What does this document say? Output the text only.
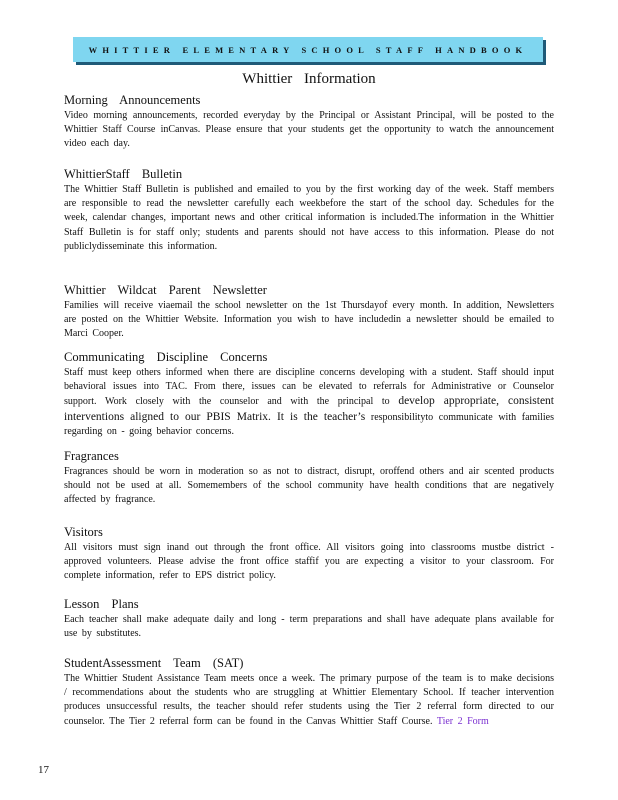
WHITTIER ELEMENTARY SCHOOL STAFF HANDBOOK
Whittier Information
Morning Announcements
Video morning announcements, recorded everyday by the Principal or Assistant Principal, will be posted to the Whittier Staff Course inCanvas. Please ensure that your students get the opportunity to watch the announcement video each day.
WhittierStaff Bulletin
The Whittier Staff Bulletin is published and emailed to you by the first working day of the week. Staff members are responsible to read the newsletter carefully each weekbefore the start of the school day. Schedules for the week, calendar changes, important news and other critical information is included.The information in the Whittier Staff Bulletin is for staff only; students and parents should not have access to this information. Please do not publiclydisseminate this information.
Whittier Wildcat Parent Newsletter
Families will receive viaemail the school newsletter on the 1st Thursdayof every month. In addition, Newsletters are posted on the Whittier Website. Information you wish to have includedin a newsletter should be emailed to Marci Cooper.
Communicating Discipline Concerns
Staff must keep others informed when there are discipline concerns developing with a student. Staff should input behavioral issues into TAC. From there, issues can be elevated to referrals for Administrative or Counselor support. Work closely with the counselor and with the principal to develop appropriate, consistent interventions aligned to our PBIS Matrix. It is the teacher’s responsibilityto communicate with families regarding on - going behavior concerns.
Fragrances
Fragrances should be worn in moderation so as not to distract, disrupt, oroffend others and air scented products should not be used at all. Somemembers of the school community have health conditions that are negatively affected by fragrance.
Visitors
All visitors must sign inand out through the front office. All visitors going into classrooms mustbe district - approved volunteers. Please advise the front office staffif you are expecting a visitor to your classroom. For complete information, refer to EPS district policy.
Lesson Plans
Each teacher shall make adequate daily and long - term preparations and shall have adequate plans available for use by substitutes.
StudentAssessment Team (SAT)
The Whittier Student Assistance Team meets once a week. The primary purpose of the team is to make decisions / recommendations about the students who are struggling at Whittier Elementary School. If teacher intervention produces unsuccessful results, the teacher should refer students using the Tier 2 referral form directed to our counselor. The Tier 2 referral form can be found in the Canvas Whittier Staff Course. Tier 2 Form
17
